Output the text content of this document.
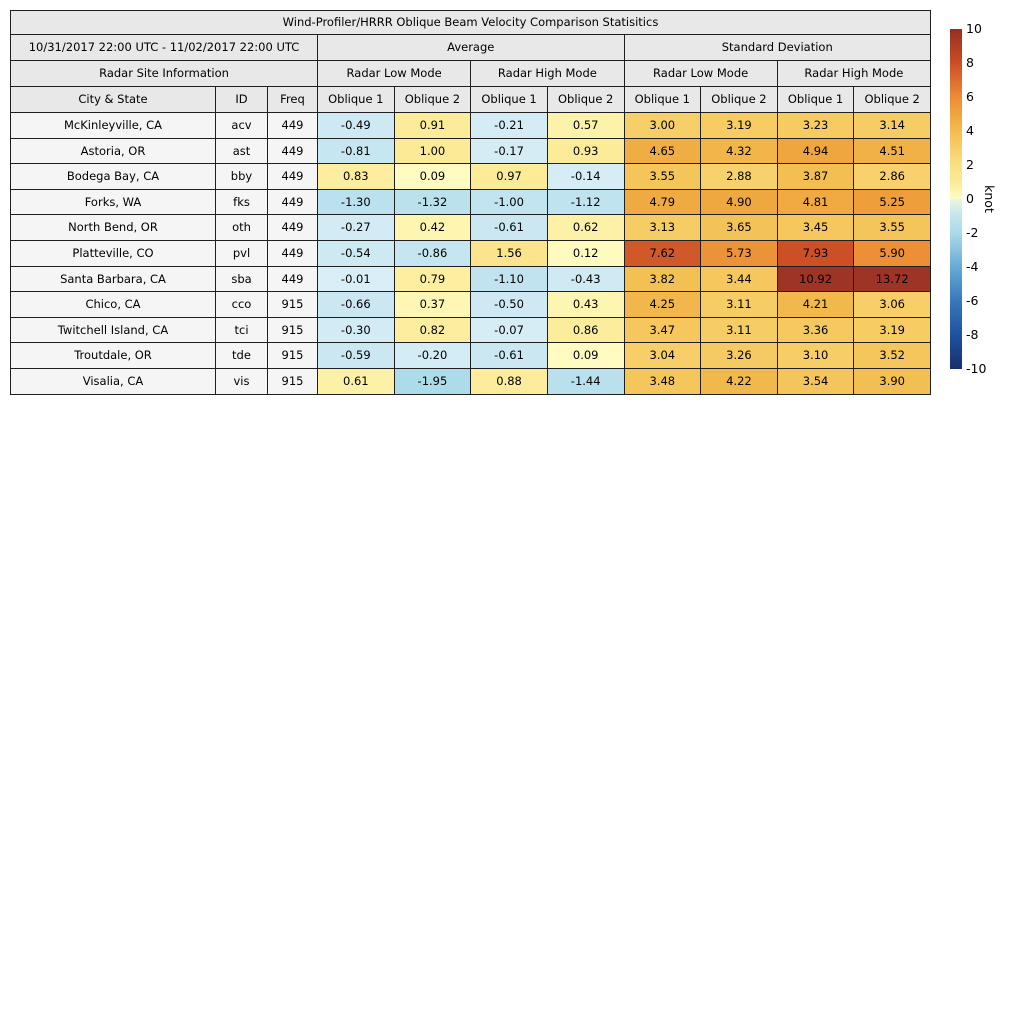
Wind-Profiler/HRRR Oblique Beam Velocity Comparison Statisitics										
10/31/2017 22:00 UTC - 11/02/2017 22:00 UTC			Average				Standard Deviation			
Radar Site Information			Radar Low Mode		Radar High Mode		Radar Low Mode		Radar High Mode	
City & State	ID	Freq	Oblique 1	Oblique 2	Oblique 1	Oblique 2	Oblique 1	Oblique 2	Oblique 1	Oblique 2
McKinleyville, CA	acv	449	-0.49	0.91	-0.21	0.57	3.00	3.19	3.23	3.14
Astoria, OR	ast	449	-0.81	1.00	-0.17	0.93	4.65	4.32	4.94	4.51
Bodega Bay, CA	bby	449	0.83	0.09	0.97	-0.14	3.55	2.88	3.87	2.86
Forks, WA	fks	449	-1.30	-1.32	-1.00	-1.12	4.79	4.90	4.81	5.25
North Bend, OR	oth	449	-0.27	0.42	-0.61	0.62	3.13	3.65	3.45	3.55
Platteville, CO	pvl	449	-0.54	-0.86	1.56	0.12	7.62	5.73	7.93	5.90
Santa Barbara, CA	sba	449	-0.01	0.79	-1.10	-0.43	3.82	3.44	10.92	13.72
Chico, CA	cco	915	-0.66	0.37	-0.50	0.43	4.25	3.11	4.21	3.06
Twitchell Island, CA	tci	915	-0.30	0.82	-0.07	0.86	3.47	3.11	3.36	3.19
Troutdale, OR	tde	915	-0.59	-0.20	-0.61	0.09	3.04	3.26	3.10	3.52
Visalia, CA	vis	915	0.61	-1.95	0.88	-1.44	3.48	4.22	3.54	3.90
10
8
6
4
2
0
-2
-4
-6
-8
-10
knot
